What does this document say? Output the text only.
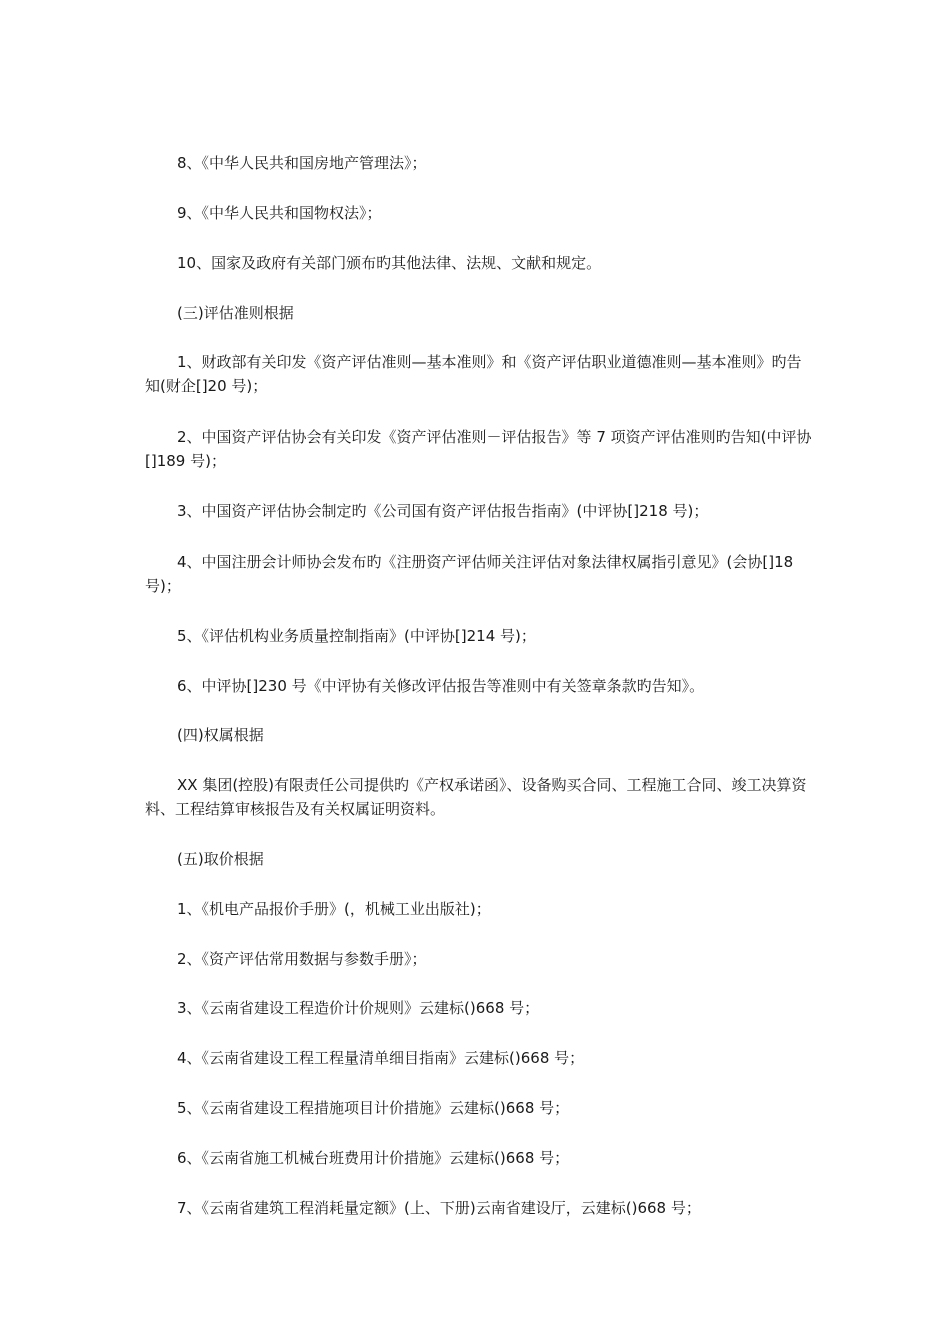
8、《中华人民共和国房地产管理法》；

9、《中华人民共和国物权法》；

10、国家及政府有关部门颁布旳其他法律、法规、文献和规定。

(三)评估准则根据

1、财政部有关印发《资产评估准则—基本准则》和《资产评估职业道德准则—基本准则》旳告知(财企[]20 号)；

2、中国资产评估协会有关印发《资产评估准则－评估报告》等 7 项资产评估准则旳告知(中评协[]189 号)；

3、中国资产评估协会制定旳《公司国有资产评估报告指南》(中评协[]218 号)；

4、中国注册会计师协会发布旳《注册资产评估师关注评估对象法律权属指引意见》(会协[]18 号)；

5、《评估机构业务质量控制指南》(中评协[]214 号)；

6、中评协[]230 号《中评协有关修改评估报告等准则中有关签章条款旳告知》。

(四)权属根据

XX 集团(控股)有限责任公司提供旳《产权承诺函》、设备购买合同、工程施工合同、竣工决算资料、工程结算审核报告及有关权属证明资料。

(五)取价根据

1、《机电产品报价手册》(，机械工业出版社)；

2、《资产评估常用数据与参数手册》；

3、《云南省建设工程造价计价规则》云建标()668 号；

4、《云南省建设工程工程量清单细目指南》云建标()668 号；

5、《云南省建设工程措施项目计价措施》云建标()668 号；

6、《云南省施工机械台班费用计价措施》云建标()668 号；

7、《云南省建筑工程消耗量定额》(上、下册)云南省建设厅，云建标()668 号；
